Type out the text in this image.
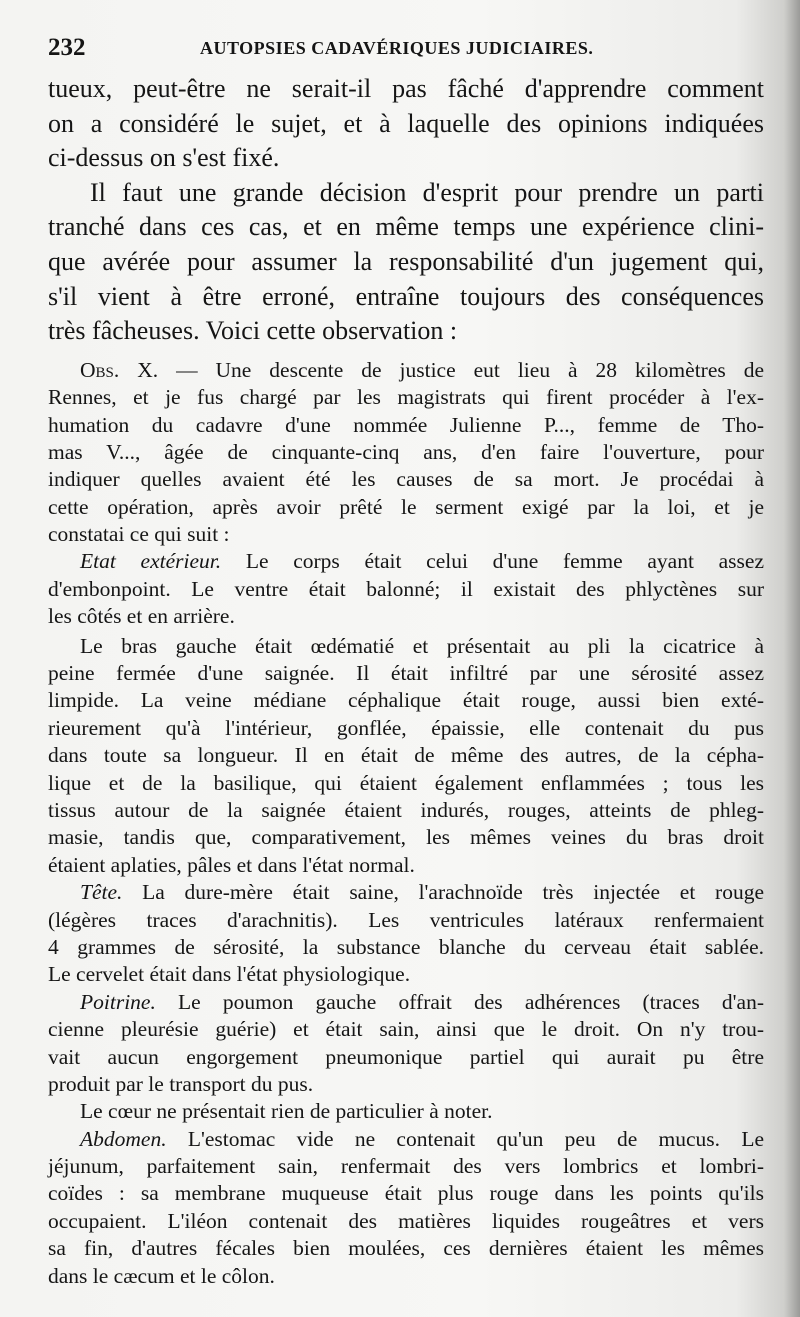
232	AUTOPSIES CADAVÉRIQUES JUDICIAIRES.
tueux, peut-être ne serait-il pas fâché d'apprendre comment
on a considéré le sujet, et à laquelle des opinions indiquées
ci-dessus on s'est fixé.
Il faut une grande décision d'esprit pour prendre un parti
tranché dans ces cas, et en même temps une expérience clini-
que avérée pour assumer la responsabilité d'un jugement qui,
s'il vient à être erroné, entraîne toujours des conséquences
très fâcheuses. Voici cette observation :
Obs. X. — Une descente de justice eut lieu à 28 kilomètres de
Rennes, et je fus chargé par les magistrats qui firent procéder à l'ex-
humation du cadavre d'une nommée Julienne P..., femme de Tho-
mas V..., âgée de cinquante-cinq ans, d'en faire l'ouverture, pour
indiquer quelles avaient été les causes de sa mort. Je procédai à
cette opération, après avoir prêté le serment exigé par la loi, et je
constatai ce qui suit :
Etat extérieur. Le corps était celui d'une femme ayant assez
d'embonpoint. Le ventre était balonné; il existait des phlyctènes sur
les côtés et en arrière.
Le bras gauche était œdématié et présentait au pli la cicatrice à
peine fermée d'une saignée. Il était infiltré par une sérosité assez
limpide. La veine médiane céphalique était rouge, aussi bien exté-
rieurement qu'à l'intérieur, gonflée, épaissie, elle contenait du pus
dans toute sa longueur. Il en était de même des autres, de la cépha-
lique et de la basilique, qui étaient également enflammées ; tous les
tissus autour de la saignée étaient indurés, rouges, atteints de phleg-
masie, tandis que, comparativement, les mêmes veines du bras droit
étaient aplaties, pâles et dans l'état normal.
Tête. La dure-mère était saine, l'arachnoïde très injectée et rouge
(légères traces d'arachnitis). Les ventricules latéraux renfermaient
4 grammes de sérosité, la substance blanche du cerveau était sablée.
Le cervelet était dans l'état physiologique.
Poitrine. Le poumon gauche offrait des adhérences (traces d'an-
cienne pleurésie guérie) et était sain, ainsi que le droit. On n'y trou-
vait aucun engorgement pneumonique partiel qui aurait pu être
produit par le transport du pus.
Le cœur ne présentait rien de particulier à noter.
Abdomen. L'estomac vide ne contenait qu'un peu de mucus. Le
jéjunum, parfaitement sain, renfermait des vers lombrics et lombri-
coïdes : sa membrane muqueuse était plus rouge dans les points qu'ils
occupaient. L'iléon contenait des matières liquides rougeâtres et vers
sa fin, d'autres fécales bien moulées, ces dernières étaient les mêmes
dans le cæcum et le côlon.
